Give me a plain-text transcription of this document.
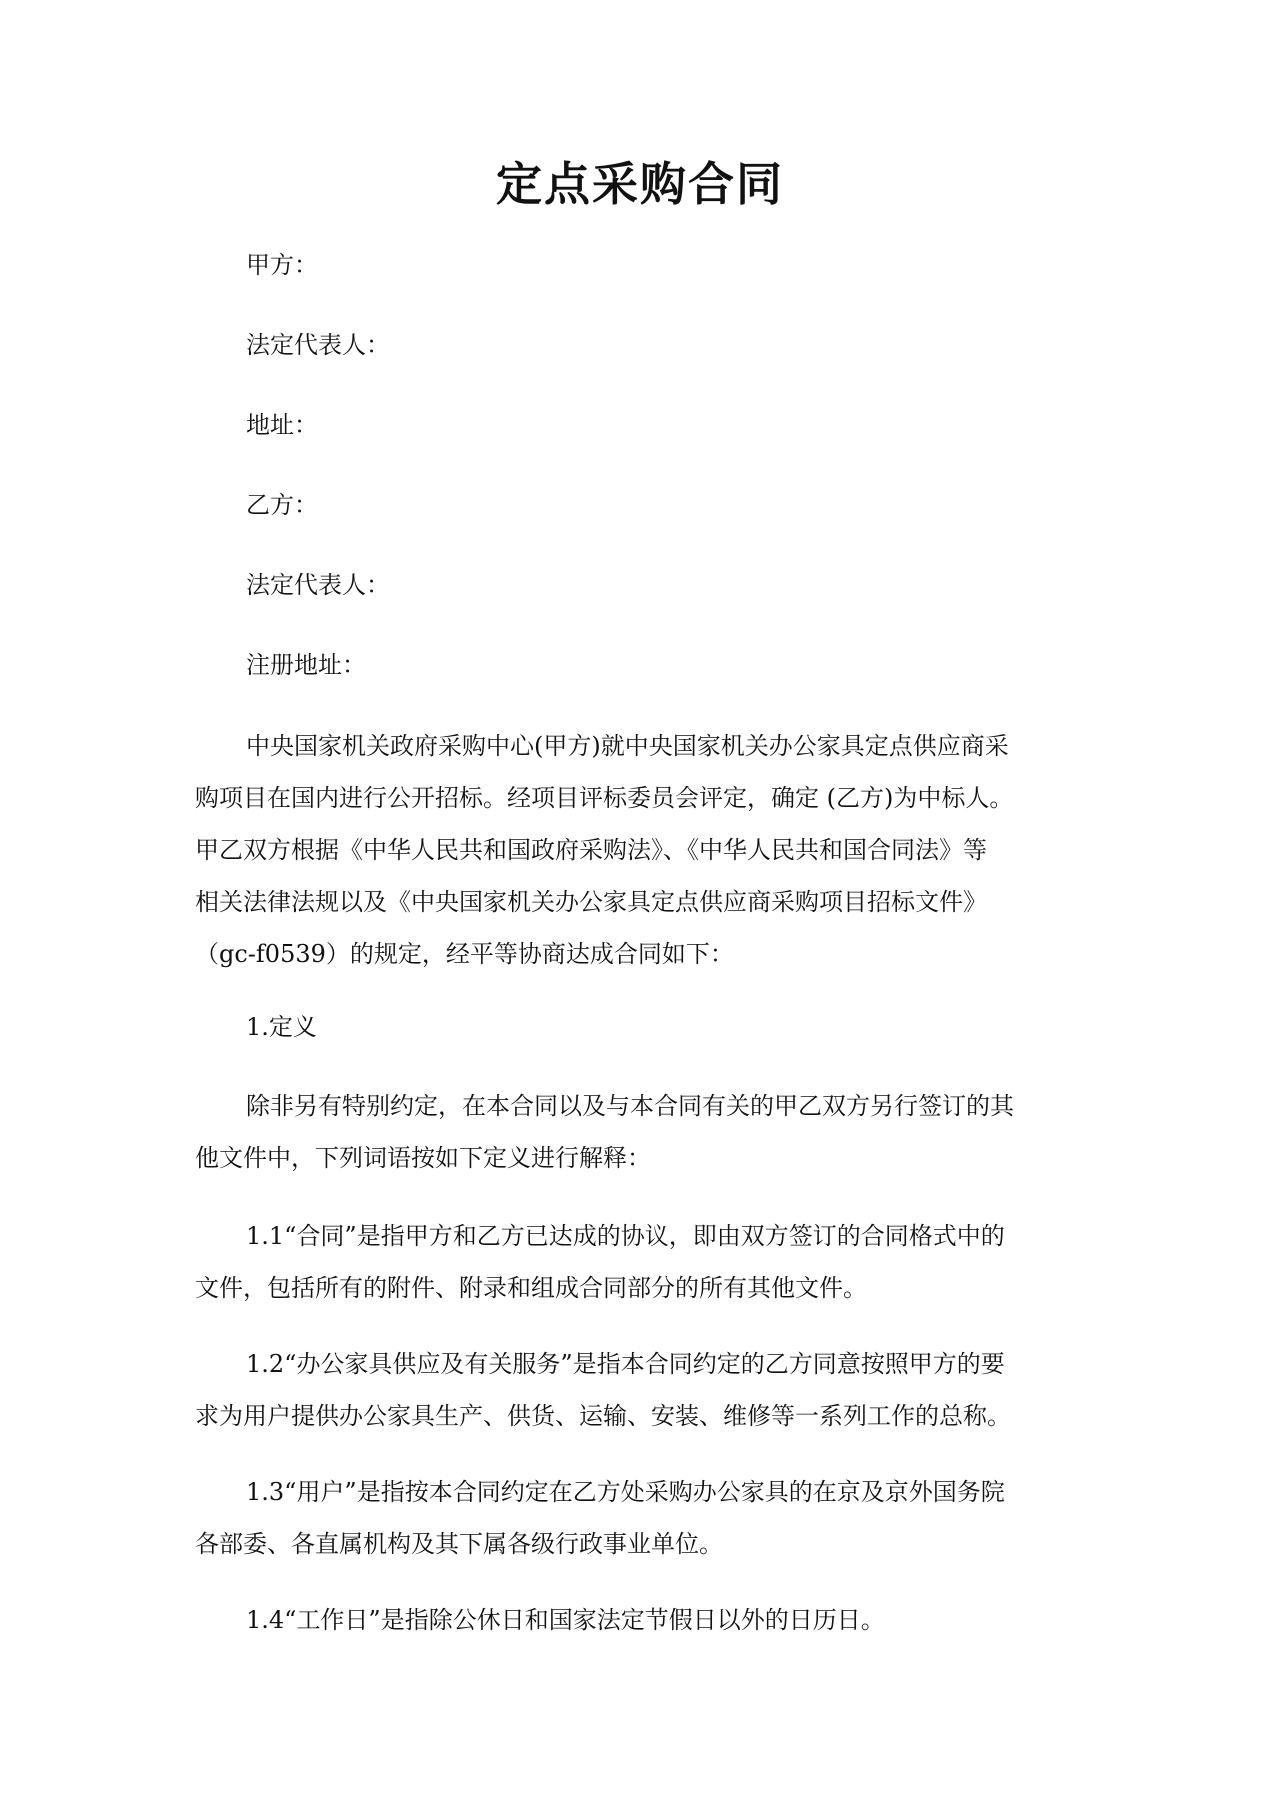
定点采购合同

甲方：

法定代表人：

地址：

乙方：

法定代表人：

注册地址：

中央国家机关政府采购中心(甲方)就中央国家机关办公家具定点供应商采
购项目在国内进行公开招标。经项目评标委员会评定，确定 (乙方)为中标人。
甲乙双方根据《中华人民共和国政府采购法》、《中华人民共和国合同法》等
相关法律法规以及《中央国家机关办公家具定点供应商采购项目招标文件》
（gc-f0539）的规定，经平等协商达成合同如下：

1.定义

除非另有特别约定，在本合同以及与本合同有关的甲乙双方另行签订的其
他文件中，下列词语按如下定义进行解释：
1.1“合同”是指甲方和乙方已达成的协议，即由双方签订的合同格式中的
文件，包括所有的附件、附录和组成合同部分的所有其他文件。
1.2“办公家具供应及有关服务”是指本合同约定的乙方同意按照甲方的要
求为用户提供办公家具生产、供货、运输、安装、维修等一系列工作的总称。
1.3“用户”是指按本合同约定在乙方处采购办公家具的在京及京外国务院
各部委、各直属机构及其下属各级行政事业单位。
1.4“工作日”是指除公休日和国家法定节假日以外的日历日。
